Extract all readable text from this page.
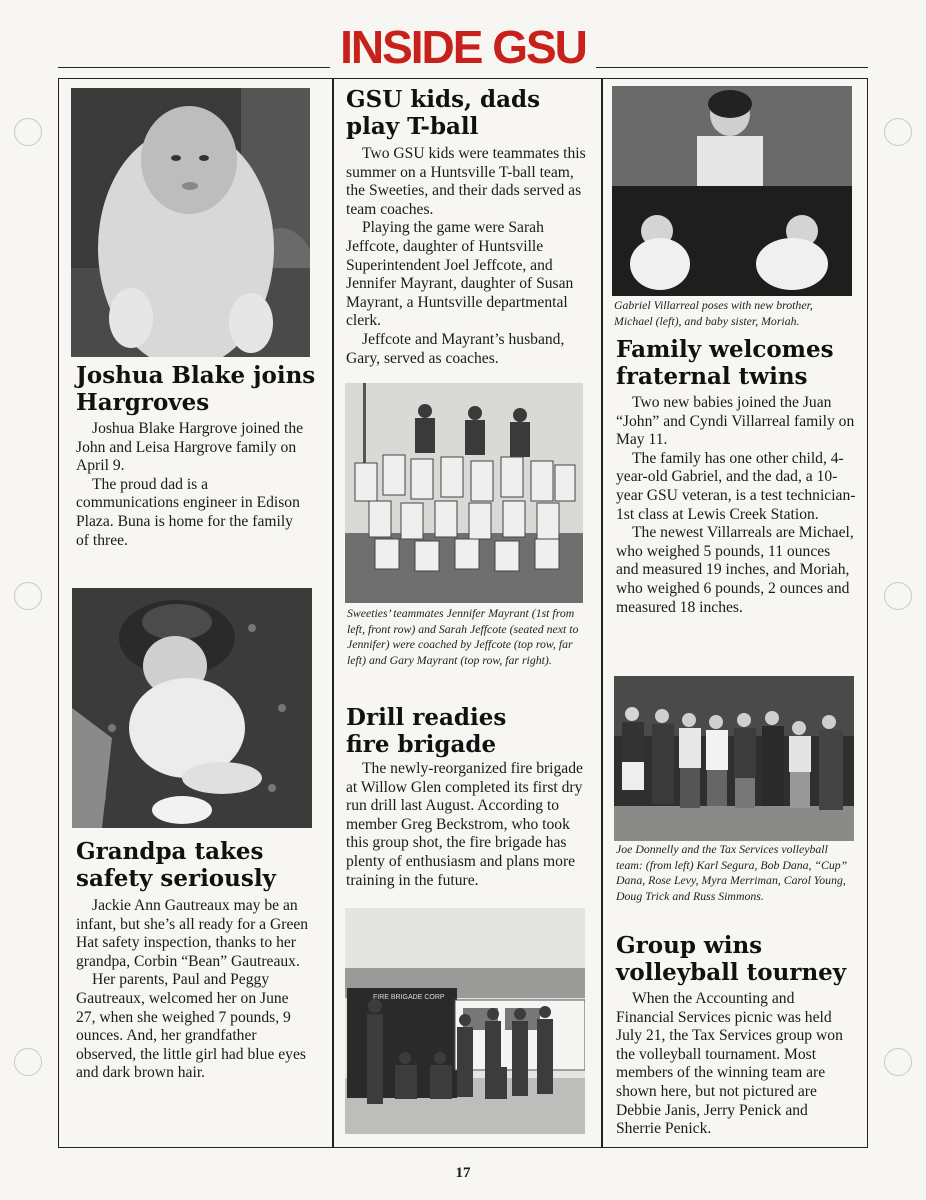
INSIDE GSU
Joshua Blake joins
Hargroves

Joshua Blake Hargrove joined the John and Leisa Hargrove family on April 9.

The proud dad is a communications engineer in Edison Plaza. Buna is home for the family of three.

Grandpa takes
safety seriously

Jackie Ann Gautreaux may be an infant, but she’s all ready for a Green Hat safety inspection, thanks to her grandpa, Corbin “Bean” Gautreaux.

Her parents, Paul and Peggy Gautreaux, welcomed her on June 27, when she weighed 7 pounds, 9 ounces. And, her grandfather observed, the little girl had blue eyes and dark brown hair.

GSU kids, dads
play T-ball

Two GSU kids were teammates this summer on a Huntsville T-ball team, the Sweeties, and their dads served as team coaches.

Playing the game were Sarah Jeffcote, daughter of Huntsville Superintendent Joel Jeffcote, and Jennifer Mayrant, daughter of Susan Mayrant, a Huntsville departmental clerk.

Jeffcote and Mayrant’s husband, Gary, served as coaches.

Sweeties’ teammates Jennifer Mayrant (1st from left, front row) and Sarah Jeffcote (seated next to Jennifer) were coached by Jeffcote (top row, far left) and Gary Mayrant (top row, far right).
Drill readies
fire brigade

The newly-reorganized fire brigade at Willow Glen completed its first dry run drill last August. According to member Greg Beckstrom, who took this group shot, the fire brigade has plenty of enthusiasm and plans more training in the future.

FIRE BRIGADE CORP
Gabriel Villarreal poses with new brother, Michael (left), and baby sister, Moriah.
Family welcomes
fraternal twins

Two new babies joined the Juan “John” and Cyndi Villarreal family on May 11.

The family has one other child, 4-year-old Gabriel, and the dad, a 10-year GSU veteran, is a test technician-1st class at Lewis Creek Station.

The newest Villarreals are Michael, who weighed 5 pounds, 11 ounces and measured 19 inches, and Moriah, who weighed 6 pounds, 2 ounces and measured 18 inches.

Joe Donnelly and the Tax Services volleyball team: (from left) Karl Segura, Bob Dana, “Cup” Dana, Rose Levy, Myra Merriman, Carol Young, Doug Trick and Russ Simmons.
Group wins
volleyball tourney

When the Accounting and Financial Services picnic was held July 21, the Tax Services group won the volleyball tournament. Most members of the winning team are shown here, but not pictured are Debbie Janis, Jerry Penick and Sherrie Penick.

17
